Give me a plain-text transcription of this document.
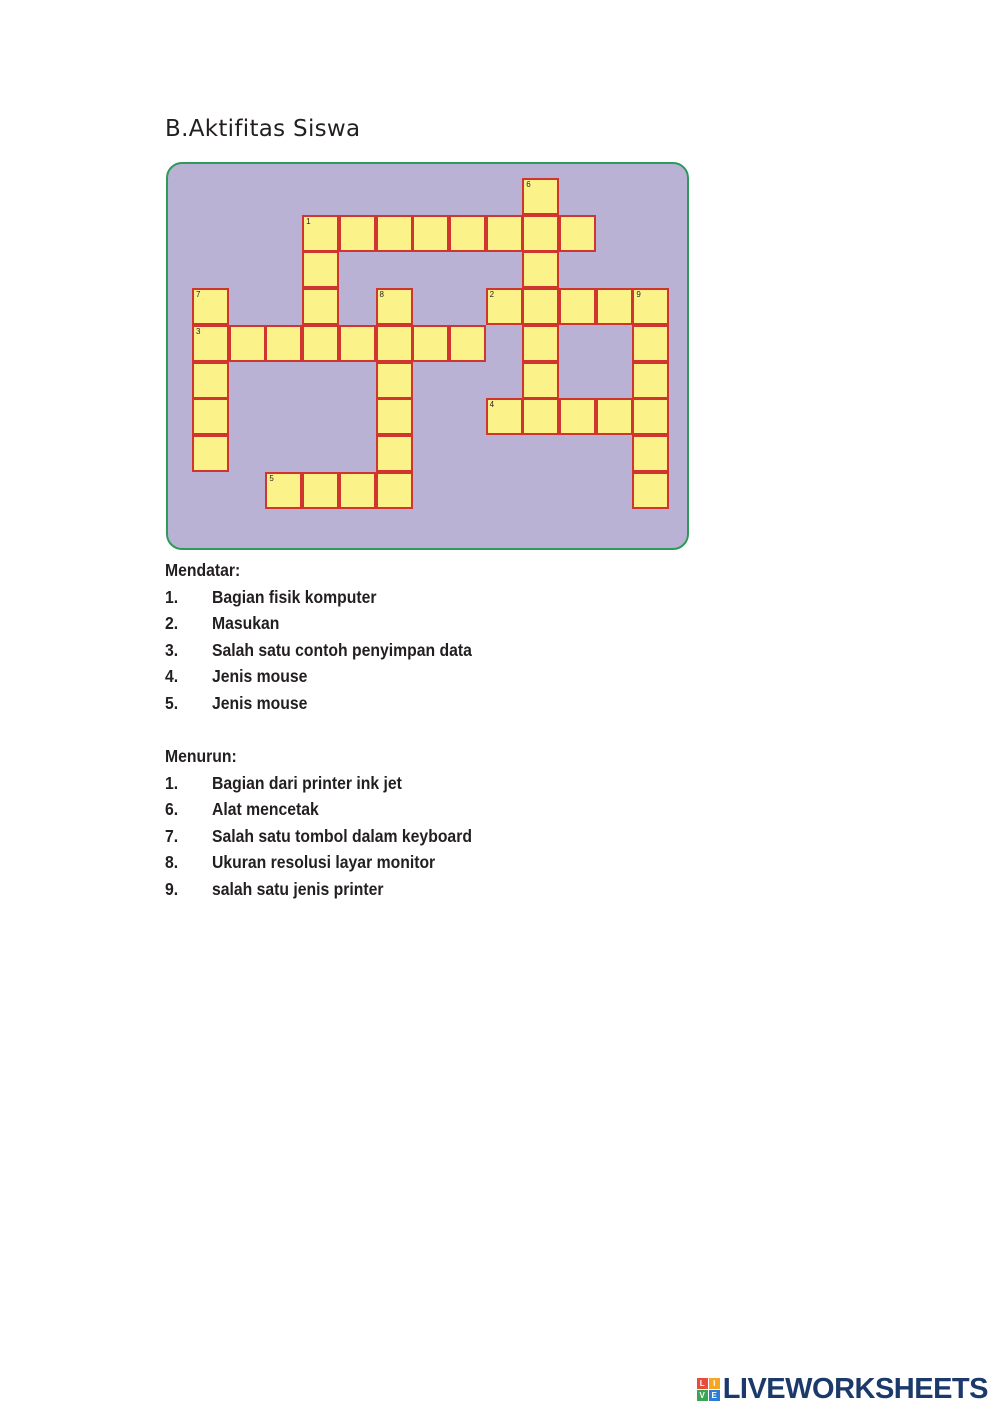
B.Aktifitas Siswa
6
1
7	8	2	9
3
4
5
Mendatar:
1. Bagian fisik komputer
2. Masukan
3. Salah satu contoh penyimpan data
4. Jenis mouse
5. Jenis mouse
Menurun:
1. Bagian dari printer ink jet
6. Alat mencetak
7. Salah satu tombol dalam keyboard
8. Ukuran resolusi layar monitor
9. salah satu jenis printer
L	I
V E LIVEWORKSHEETS
